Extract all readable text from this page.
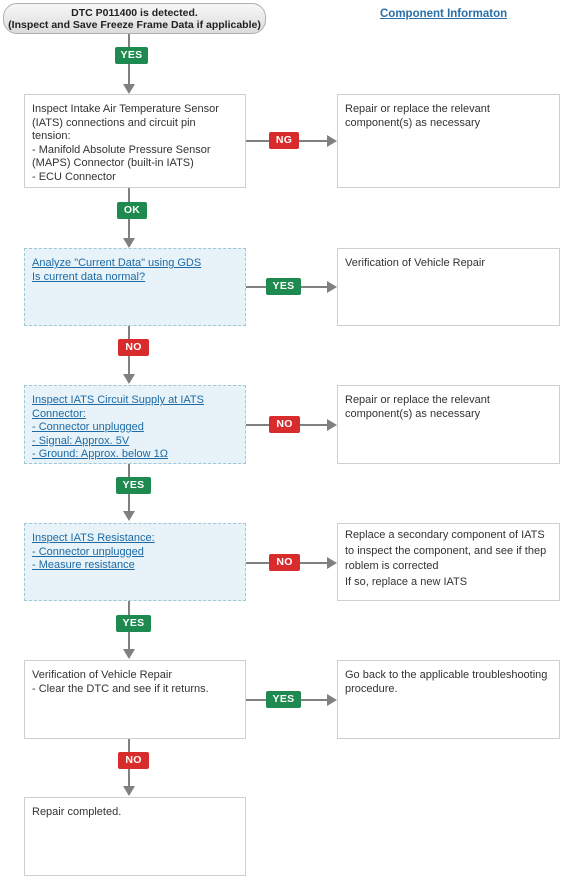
DTC P011400 is detected.
(Inspect and Save Freeze Frame Data if applicable)
Component Informaton
YES
Inspect Intake Air Temperature Sensor
(IATS) connections and circuit pin
tension:
- Manifold Absolute Pressure Sensor
(MAPS) Connector (built-in IATS)
- ECU Connector
NG
Repair or replace the relevant
component(s) as necessary
OK
Analyze "Current Data" using GDS
Is current data normal?
YES
Verification of Vehicle Repair
NO
Inspect IATS Circuit Supply at IATS
Connector:
- Connector unplugged
- Signal: Approx. 5V
- Ground: Approx. below 1Ω
NO
Repair or replace the relevant
component(s) as necessary
YES
Inspect IATS Resistance:
- Connector unplugged
- Measure resistance	NO
Replace a secondary component of IATS
to inspect the component, and see if thep
roblem is corrected
If so, replace a new IATS
YES
Verification of Vehicle Repair
- Clear the DTC and see if it returns.
YES
Go back to the applicable troubleshooting
procedure.
NO
Repair completed.
